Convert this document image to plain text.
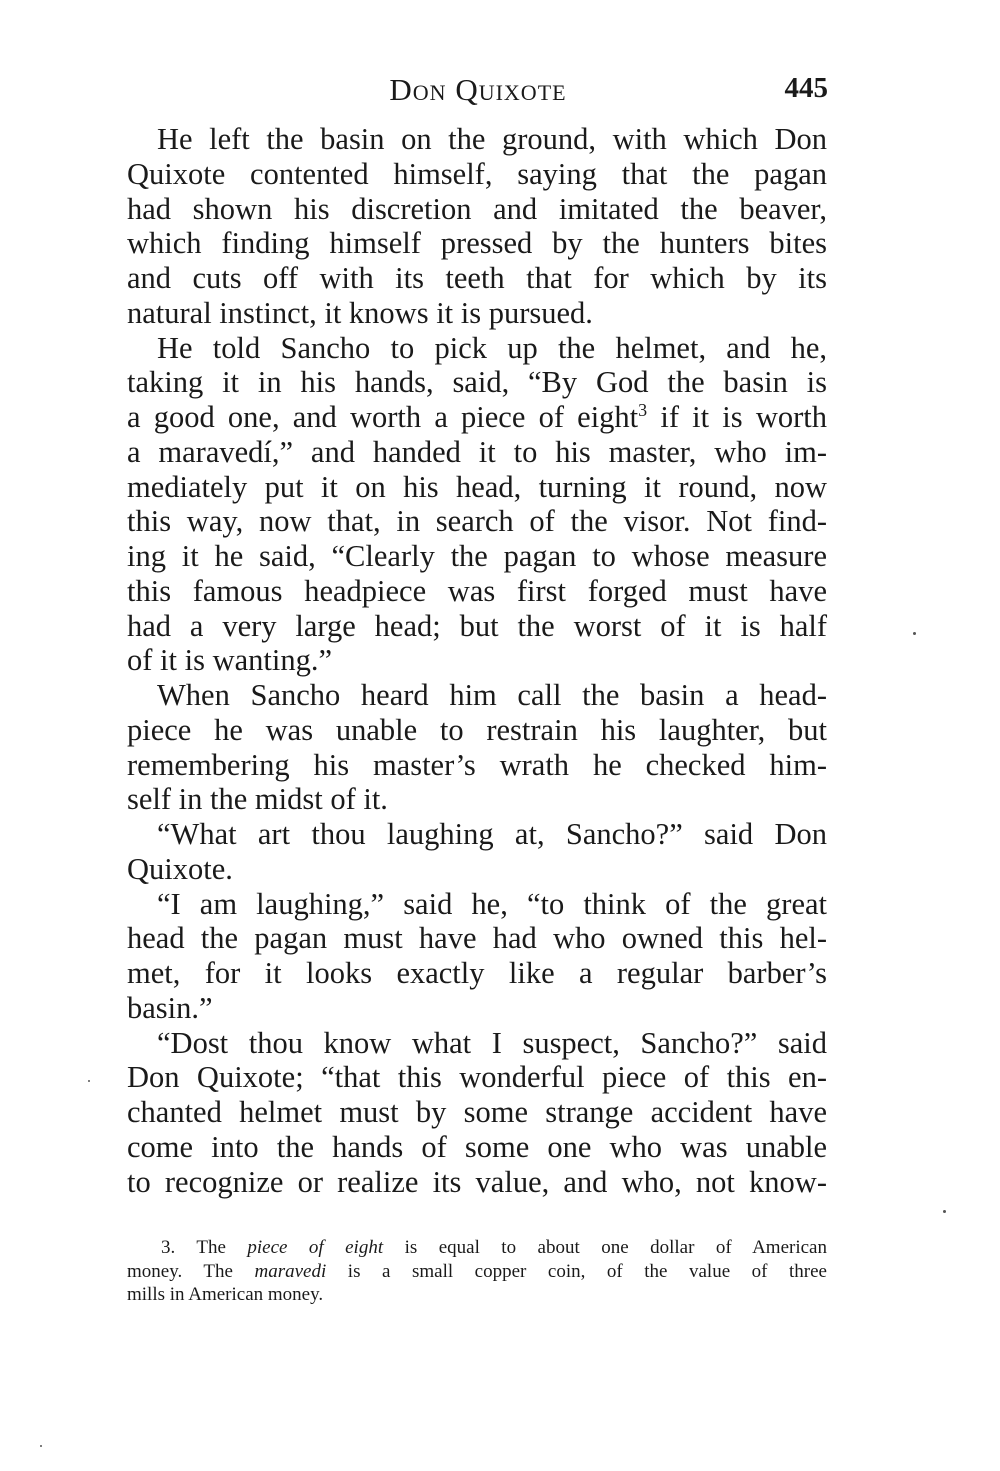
Don Quixote	445
He left the basin on the ground, with which Don
Quixote contented himself, saying that the pagan
had shown his discretion and imitated the beaver,
which finding himself pressed by the hunters bites
and cuts off with its teeth that for which by its
natural instinct, it knows it is pursued.
He told Sancho to pick up the helmet, and he,
taking it in his hands, said, “By God the basin is
a good one, and worth a piece of eight$^3$ if it is worth
a maravedí,” and handed it to his master, who im-
mediately put it on his head, turning it round, now
this way, now that, in search of the visor. Not find-
ing it he said, “Clearly the pagan to whose measure
this famous headpiece was first forged must have
had a very large head; but the worst of it is half
of it is wanting.”
When Sancho heard him call the basin a head-
piece he was unable to restrain his laughter, but
remembering his master’s wrath he checked him-
self in the midst of it.
“What art thou laughing at, Sancho?” said Don
Quixote.
“I am laughing,” said he, “to think of the great
head the pagan must have had who owned this hel-
met, for it looks exactly like a regular barber’s
basin.”
“Dost thou know what I suspect, Sancho?” said
Don Quixote; “that this wonderful piece of this en-
chanted helmet must by some strange accident have
come into the hands of some one who was unable
to recognize or realize its value, and who, not know-
3. The piece of eight is equal to about one dollar of American
money. The maravedi is a small copper coin, of the value of three
mills in American money.
